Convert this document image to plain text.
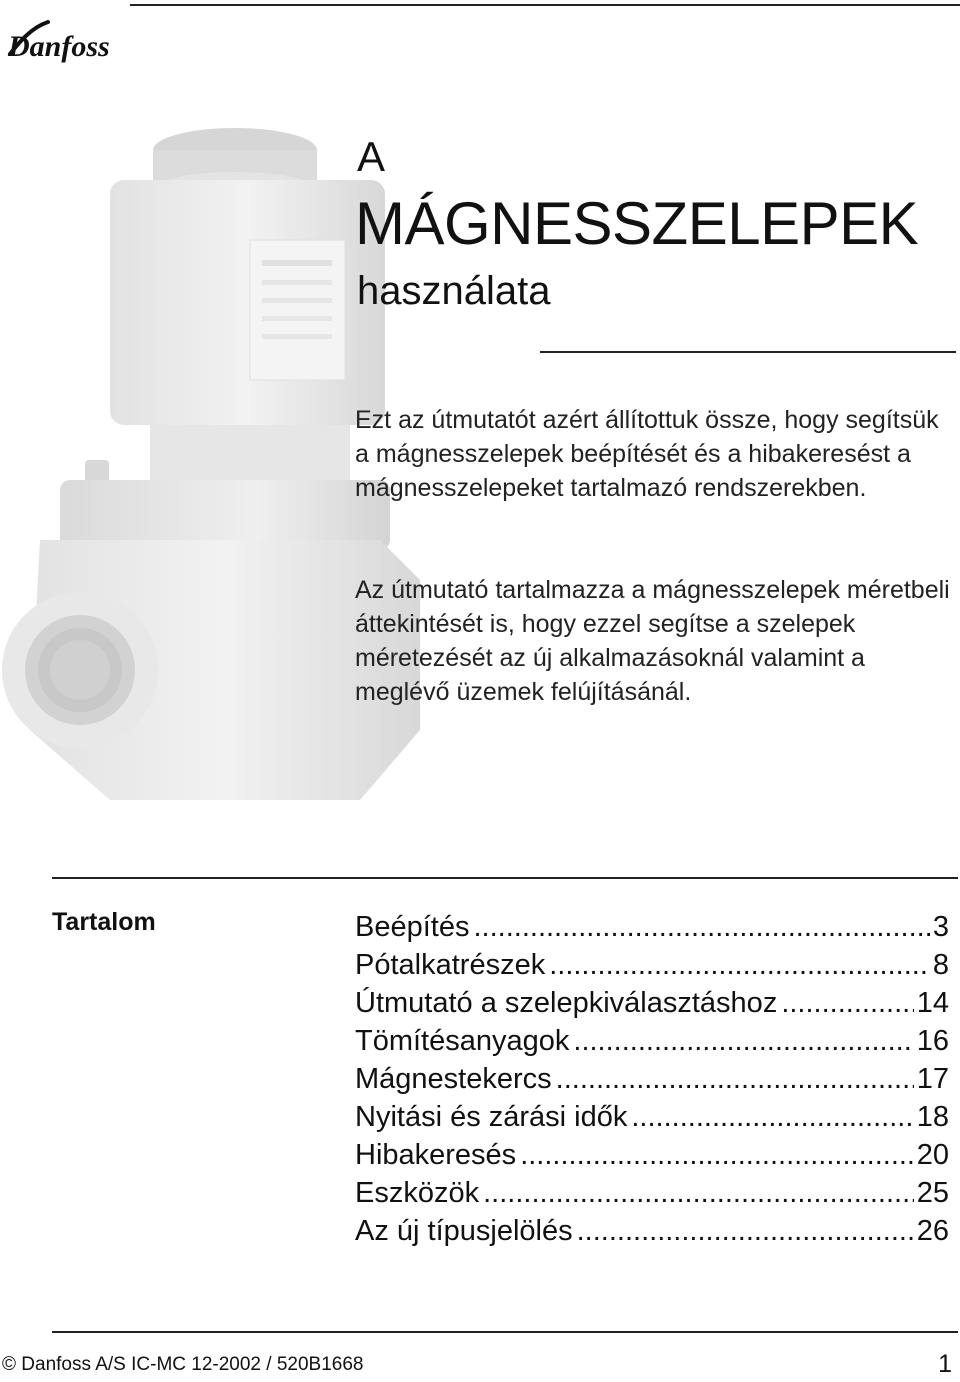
Danfoss
A
MÁGNESSZELEPEK
használata

Ezt az útmutatót azért állítottuk össze, hogy segítsük a mágnesszelepek beépítését és a hibakeresést a mágnesszelepeket tartalmazó rendszerekben.

Az útmutató tartalmazza a mágnesszelepek méretbeli áttekintését is, hogy ezzel segítse a szelepek méretezését az új alkalmazásoknál valamint a meglévő üzemek felújításánál.

Tartalom	Beépítés .....	3
Pótalkatrészek .....	8
Útmutató a szelepkiválasztáshoz .....	14
Tömítésanyagok .....	16
Mágnestekercs .....	17
Nyitási és zárási idők .....	18
Hibakeresés .....	20
Eszközök .....	25
Az új típusjelölés .....	26
© Danfoss A/S IC-MC 12-2002 / 520B1668	1
